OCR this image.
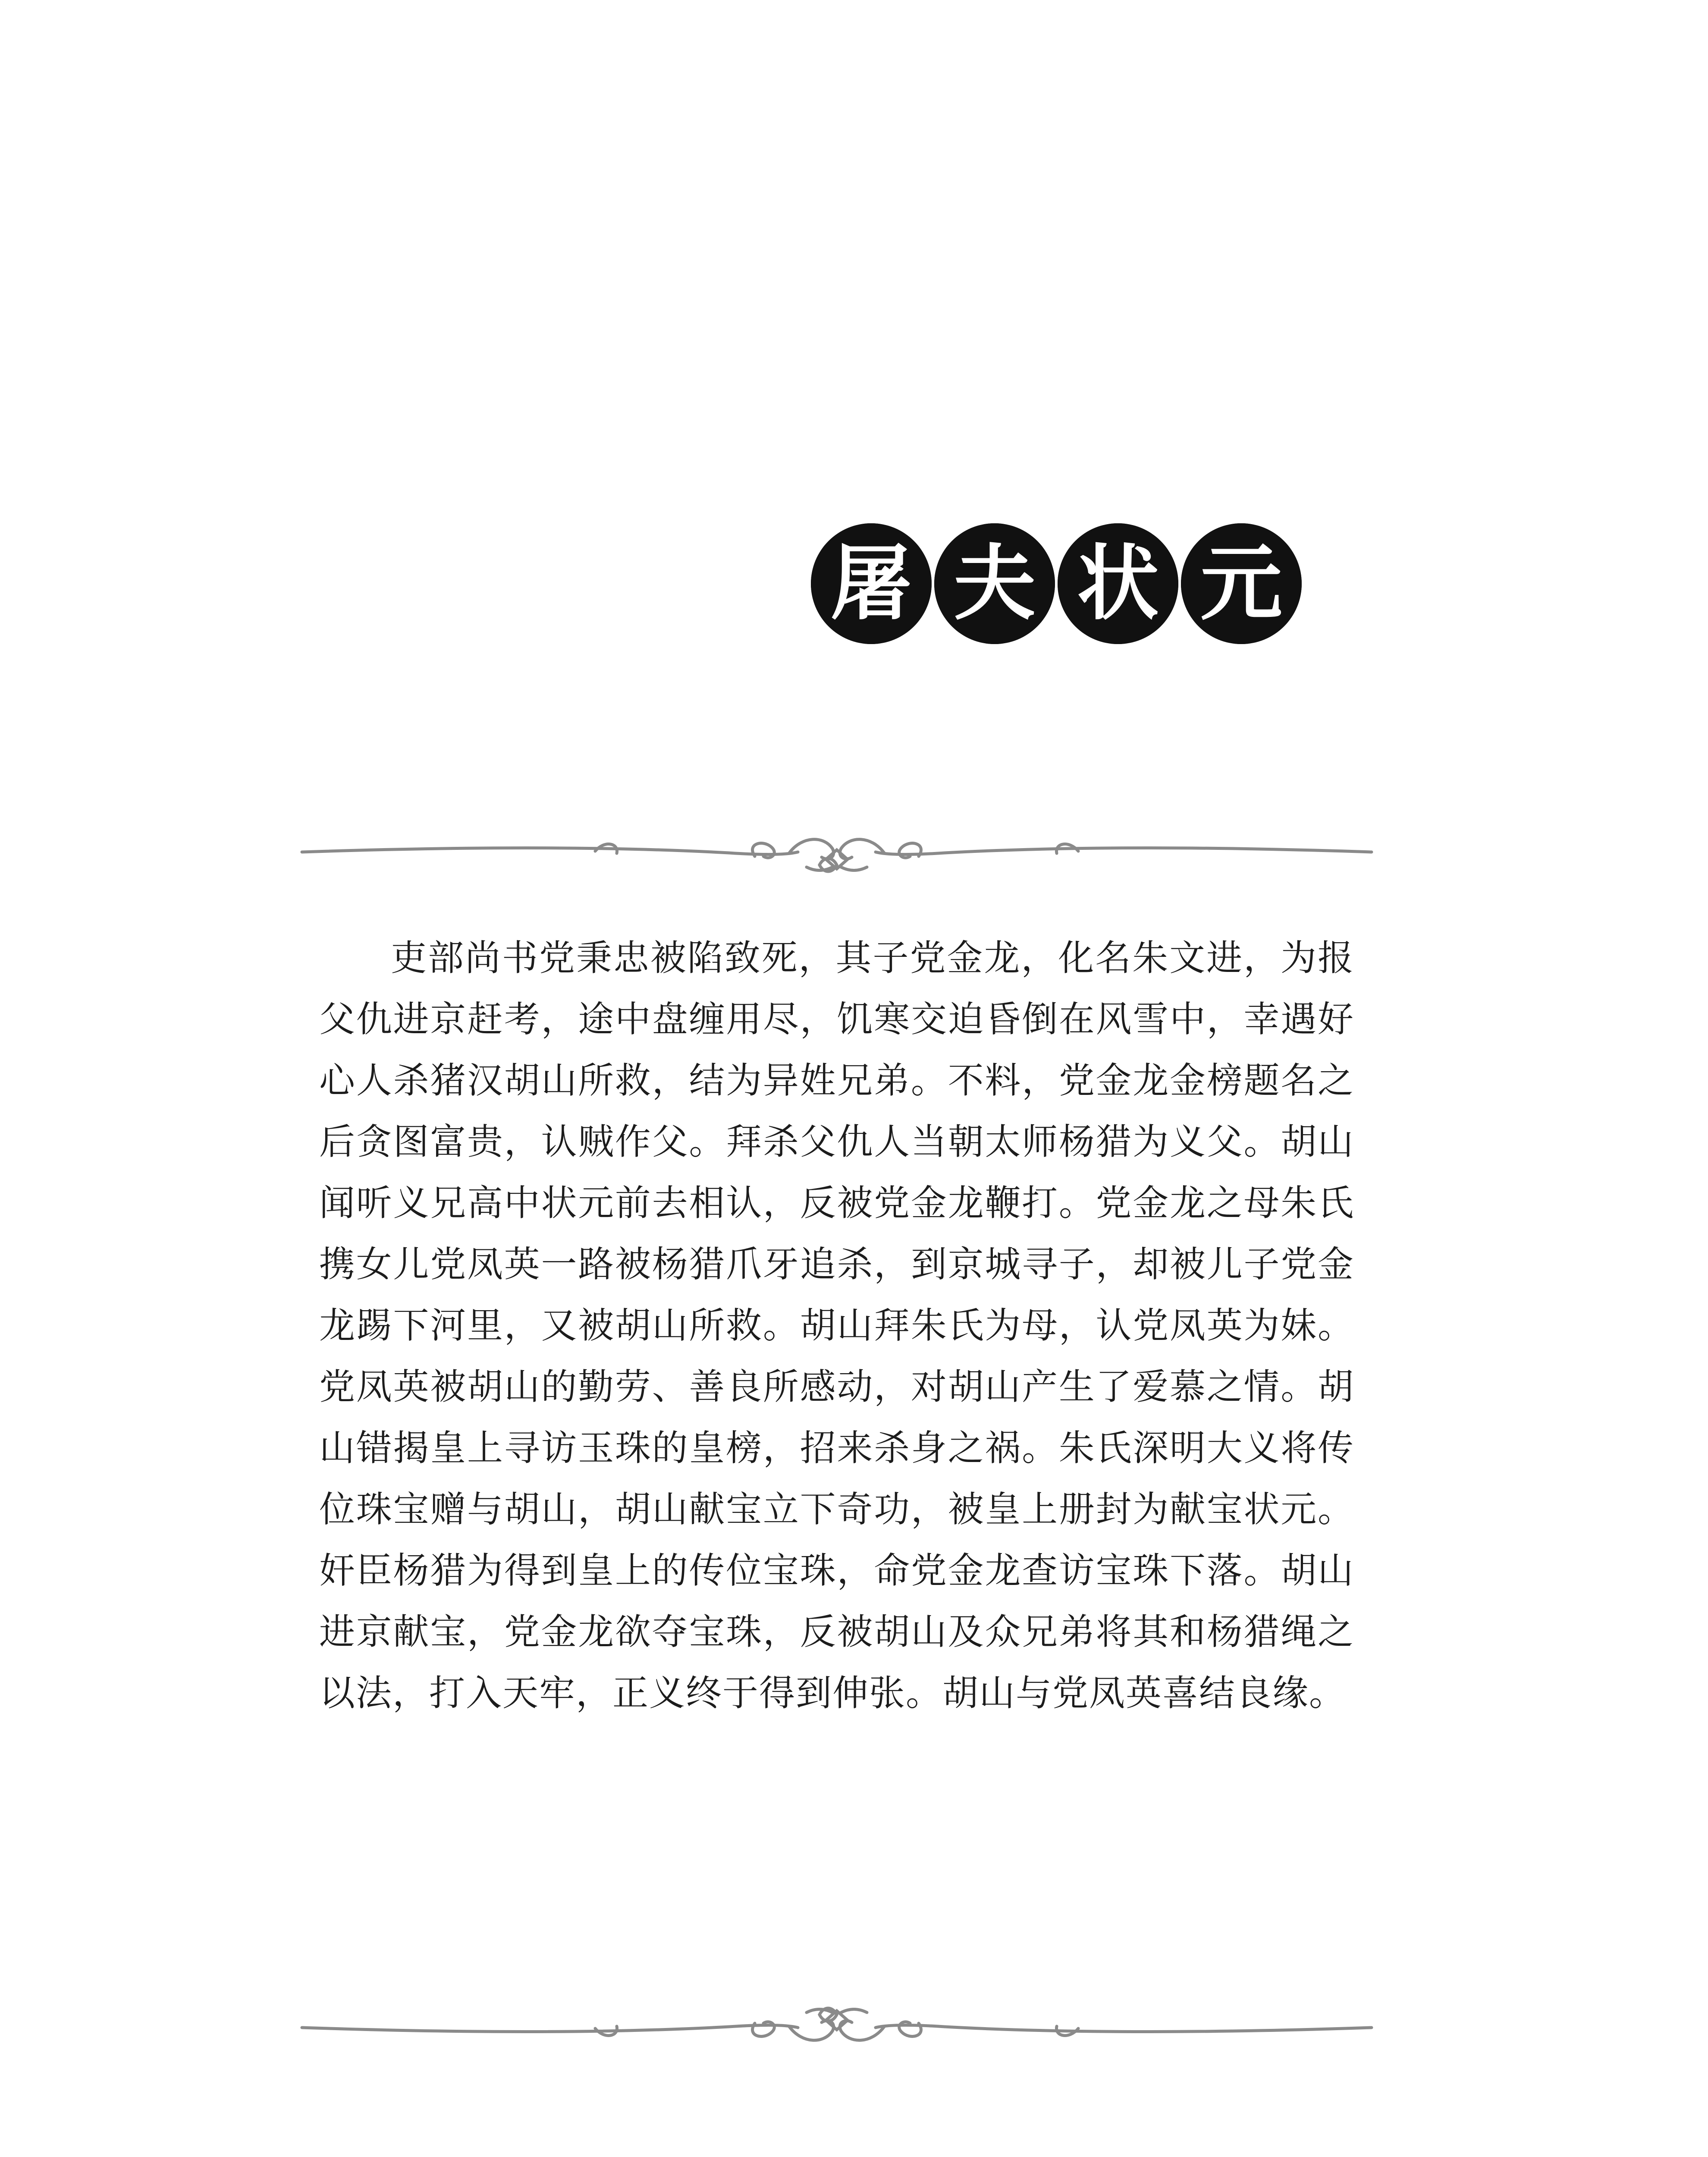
屠 夫 状 元

吏部尚书党秉忠被陷致死，其子党金龙，化名朱文进，为报父仇进京赶考，途中盘缠用尽，饥寒交迫昏倒在风雪中，幸遇好心人杀猪汉胡山所救，结为异姓兄弟。不料，党金龙金榜题名之后贪图富贵，认贼作父。拜杀父仇人当朝太师杨猎为义父。胡山闻听义兄高中状元前去相认，反被党金龙鞭打。党金龙之母朱氏携女儿党凤英一路被杨猎爪牙追杀，到京城寻子，却被儿子党金龙踢下河里，又被胡山所救。胡山拜朱氏为母，认党凤英为妹。党凤英被胡山的勤劳、善良所感动，对胡山产生了爱慕之情。胡山错揭皇上寻访玉珠的皇榜，招来杀身之祸。朱氏深明大义将传位珠宝赠与胡山，胡山献宝立下奇功，被皇上册封为献宝状元。奸臣杨猎为得到皇上的传位宝珠，命党金龙查访宝珠下落。胡山进京献宝，党金龙欲夺宝珠，反被胡山及众兄弟将其和杨猎绳之以法，打入天牢，正义终于得到伸张。胡山与党凤英喜结良缘。
